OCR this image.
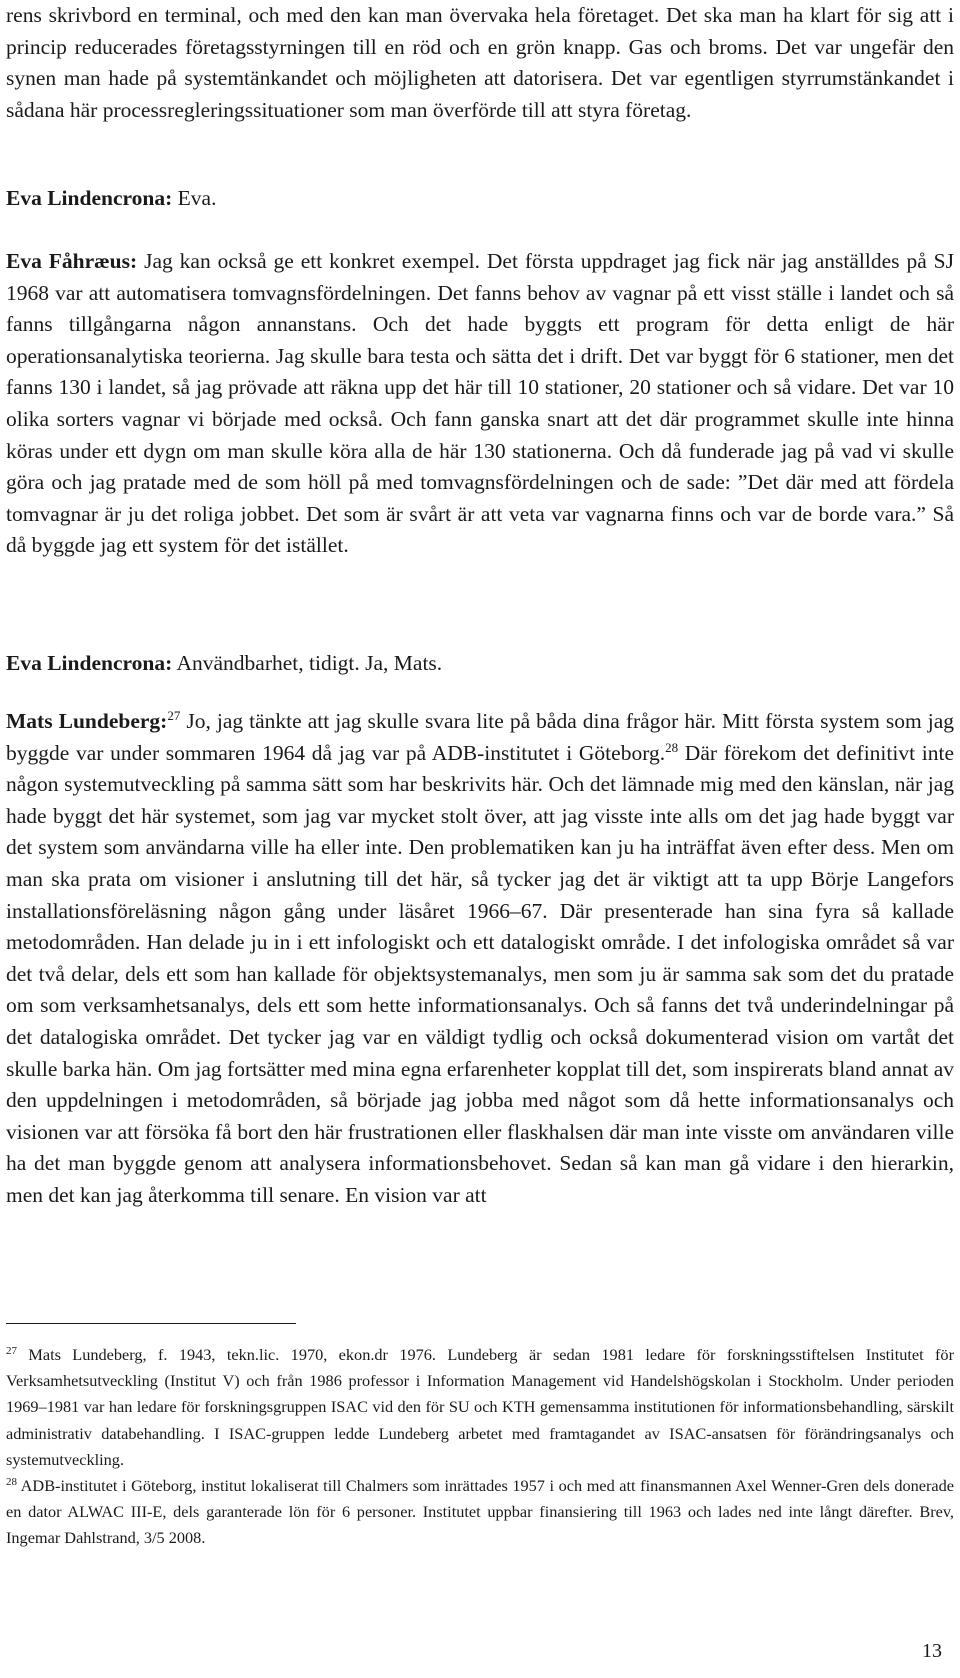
rens skrivbord en terminal, och med den kan man övervaka hela företaget. Det ska man ha klart för sig att i princip reducerades företagsstyrningen till en röd och en grön knapp. Gas och broms. Det var ungefär den synen man hade på systemtänkandet och möjligheten att datorisera. Det var egentligen styrrumstänkandet i sådana här processregleringssituationer som man överförde till att styra företag.

Eva Lindencrona: Eva.

Eva Fåhræus: Jag kan också ge ett konkret exempel. Det första uppdraget jag fick när jag anställdes på SJ 1968 var att automatisera tomvagnsfördelningen. Det fanns behov av vagnar på ett visst ställe i landet och så fanns tillgångarna någon annanstans. Och det hade byggts ett program för detta enligt de här operationsanalytiska teorierna. Jag skulle bara testa och sätta det i drift. Det var byggt för 6 stationer, men det fanns 130 i landet, så jag prövade att räkna upp det här till 10 stationer, 20 stationer och så vidare. Det var 10 olika sorters vagnar vi började med också. Och fann ganska snart att det där programmet skulle inte hinna köras under ett dygn om man skulle köra alla de här 130 stationerna. Och då funderade jag på vad vi skulle göra och jag pratade med de som höll på med tomvagnsfördelningen och de sade: ”Det där med att fördela tomvagnar är ju det roliga jobbet. Det som är svårt är att veta var vagnarna finns och var de borde vara.” Så då byggde jag ett system för det istället.

Eva Lindencrona: Användbarhet, tidigt. Ja, Mats.

Mats Lundeberg:$^{27}$ Jo, jag tänkte att jag skulle svara lite på båda dina frågor här. Mitt första system som jag byggde var under sommaren 1964 då jag var på ADB-institutet i Göteborg.$^{28}$ Där förekom det definitivt inte någon systemutveckling på samma sätt som har beskrivits här. Och det lämnade mig med den känslan, när jag hade byggt det här systemet, som jag var mycket stolt över, att jag visste inte alls om det jag hade byggt var det system som användarna ville ha eller inte. Den problematiken kan ju ha inträffat även efter dess. Men om man ska prata om visioner i anslutning till det här, så tycker jag det är viktigt att ta upp Börje Langefors installationsföreläsning någon gång under läsåret 1966–67. Där presenterade han sina fyra så kallade metodområden. Han delade ju in i ett infologiskt och ett datalogiskt område. I det infologiska området så var det två delar, dels ett som han kallade för objektsystemanalys, men som ju är samma sak som det du pratade om som verksamhetsanalys, dels ett som hette informationsanalys. Och så fanns det två underindelningar på det datalogiska området. Det tycker jag var en väldigt tydlig och också dokumenterad vision om vartåt det skulle barka hän. Om jag fortsätter med mina egna erfarenheter kopplat till det, som inspirerats bland annat av den uppdelningen i metodområden, så började jag jobba med något som då hette informationsanalys och visionen var att försöka få bort den här frustrationen eller flaskhalsen där man inte visste om användaren ville ha det man byggde genom att analysera informationsbehovet. Sedan så kan man gå vidare i den hierarkin, men det kan jag återkomma till senare. En vision var att

$^{27}$ Mats Lundeberg, f. 1943, tekn.lic. 1970, ekon.dr 1976. Lundeberg är sedan 1981 ledare för forskningsstiftelsen Institutet för Verksamhetsutveckling (Institut V) och från 1986 professor i Information Management vid Handelshögskolan i Stockholm. Under perioden 1969–1981 var han ledare för forskningsgruppen ISAC vid den för SU och KTH gemensamma institutionen för informationsbehandling, särskilt administrativ databehandling. I ISAC-gruppen ledde Lundeberg arbetet med framtagandet av ISAC-ansatsen för förändringsanalys och systemutveckling.

$^{28}$ ADB-institutet i Göteborg, institut lokaliserat till Chalmers som inrättades 1957 i och med att finansmannen Axel Wenner-Gren dels donerade en dator ALWAC III-E, dels garanterade lön för 6 personer. Institutet uppbar finansiering till 1963 och lades ned inte långt därefter. Brev, Ingemar Dahlstrand, 3/5 2008.

13
